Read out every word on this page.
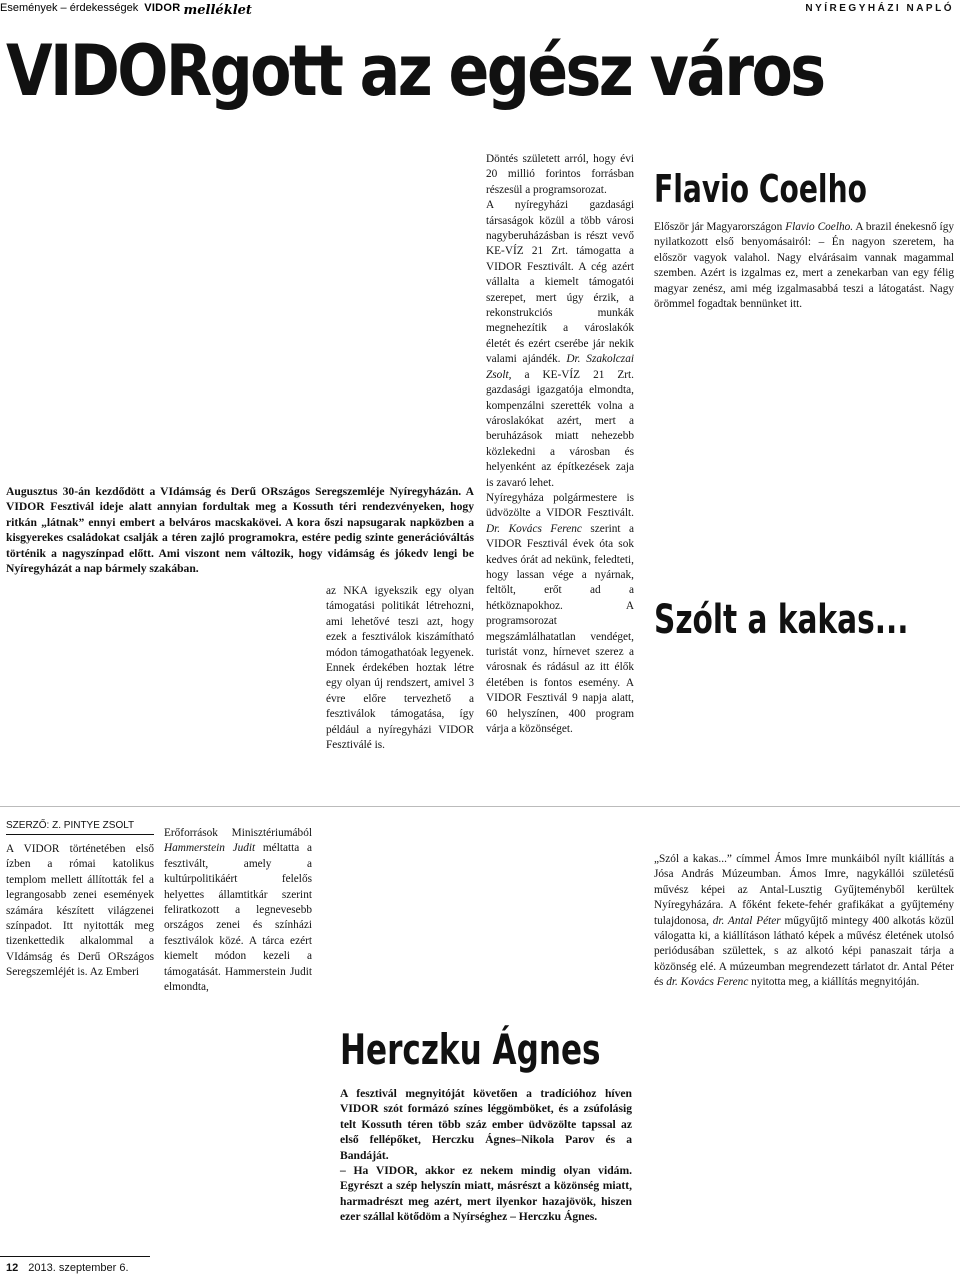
Események – érdekességek VIDOR melléklet	NYÍREGYHÁZI NAPLÓ
VIDORgott az egész város
Augusztus 30-án kezdődött a VIdámság és Derű ORszágos Seregszemléje Nyíregyházán. A VIDOR Fesztivál ideje alatt annyian fordultak meg a Kossuth téri rendezvényeken, hogy ritkán „látnak” ennyi embert a belváros macskakövei. A kora őszi napsugarak napközben a kisgyerekes családokat csalják a téren zajló programokra, estére pedig szinte generációváltás történik a nagyszínpad előtt. Ami viszont nem változik, hogy vidámság és jókedv lengi be Nyíregyházát a nap bármely szakában.
az NKA igyekszik egy olyan támogatási politikát létrehozni, ami lehetővé teszi azt, hogy ezek a fesztiválok kiszámítható módon támogathatóak legyenek. Ennek érdekében hoztak létre egy olyan új rendszert, amivel 3 évre előre tervezhető a fesztiválok támogatása, így például a nyíregyházi VIDOR Fesztiválé is.

Döntés született arról, hogy évi 20 millió forintos forrásban részesül a programsorozat.

A nyíregyházi gazdasági társaságok közül a több városi nagyberuházásban is részt vevő KE-VÍZ 21 Zrt. támogatta a VIDOR Fesztivált. A cég azért vállalta a kiemelt támogatói szerepet, mert úgy érzik, a rekonstrukciós munkák megnehezítik a városlakók életét és ezért cserébe jár nekik valami ajándék. Dr. Szakolczai Zsolt, a KE-VÍZ 21 Zrt. gazdasági igazgatója elmondta, kompenzálni szerették volna a városlakókat azért, mert a beruházások miatt nehezebb közlekedni a városban és helyenként az építkezések zaja is zavaró lehet.

Nyíregyháza polgármestere is üdvözölte a VIDOR Fesztivált. Dr. Kovács Ferenc szerint a VIDOR Fesztivál évek óta sok kedves órát ad nekünk, feledteti, hogy lassan vége a nyárnak, feltölt, erőt ad a hétköznapokhoz. A programsorozat megszámlálhatatlan vendéget, turistát vonz, hírnevet szerez a városnak és rádásul az itt élők életében is fontos esemény. A VIDOR Fesztivál 9 napja alatt, 60 helyszínen, 400 program várja a közönséget.

Flavio Coelho
Először jár Magyarországon Flavio Coelho. A brazil énekesnő így nyilatkozott első benyomásairól: – Én nagyon szeretem, ha először vagyok valahol. Nagy elvárásaim vannak magammal szemben. Azért is izgalmas ez, mert a zenekarban van egy félig magyar zenész, ami még izgalmasabbá teszi a látogatást. Nagy örömmel fogadtak bennünket itt.
Szólt a kakas...
SZERZŐ: Z. PINTYE ZSOLT
A VIDOR történetében első ízben a római katolikus templom mellett állították fel a legrangosabb zenei események számára készített világzenei színpadot. Itt nyitották meg tizenkettedik alkalommal a VIdámság és Derű ORszágos Seregszemléjét is. Az Emberi
Erőforrások Minisztériumából Hammerstein Judit méltatta a fesztivált, amely a kultúrpolitikáért felelős helyettes államtitkár szerint feliratkozott a legnevesebb országos zenei és színházi fesztiválok közé. A tárca ezért kiemelt módon kezeli a támogatását. Hammerstein Judit elmondta,
Herczku Ágnes
A fesztivál megnyitóját követően a tradícióhoz híven VIDOR szót formázó színes léggömböket, és a zsúfolásig telt Kossuth téren több száz ember üdvözölte tapssal az első fellépőket, Herczku Ágnes–Nikola Parov és a Bandáját.
– Ha VIDOR, akkor ez nekem mindig olyan vidám. Egyrészt a szép helyszín miatt, másrészt a közönség miatt, harmadrészt meg azért, mert ilyenkor hazajövök, hiszen ezer szállal kötődöm a Nyírséghez – Herczku Ágnes.
„Szól a kakas...” címmel Ámos Imre munkáiból nyílt kiállítás a Jósa András Múzeumban. Ámos Imre, nagykállói születésű művész képei az Antal-Lusztig Gyűjteményből kerültek Nyíregyházára. A főként fekete-fehér grafikákat a gyűjtemény tulajdonosa, dr. Antal Péter műgyűjtő mintegy 400 alkotás közül válogatta ki, a kiállításon látható képek a művész életének utolsó periódusában születtek, s az alkotó képi panaszait tárja a közönség elé. A múzeumban megrendezett tárlatot dr. Antal Péter és dr. Kovács Ferenc nyitotta meg, a kiállítás megnyitóján.
12 2013. szeptember 6.
